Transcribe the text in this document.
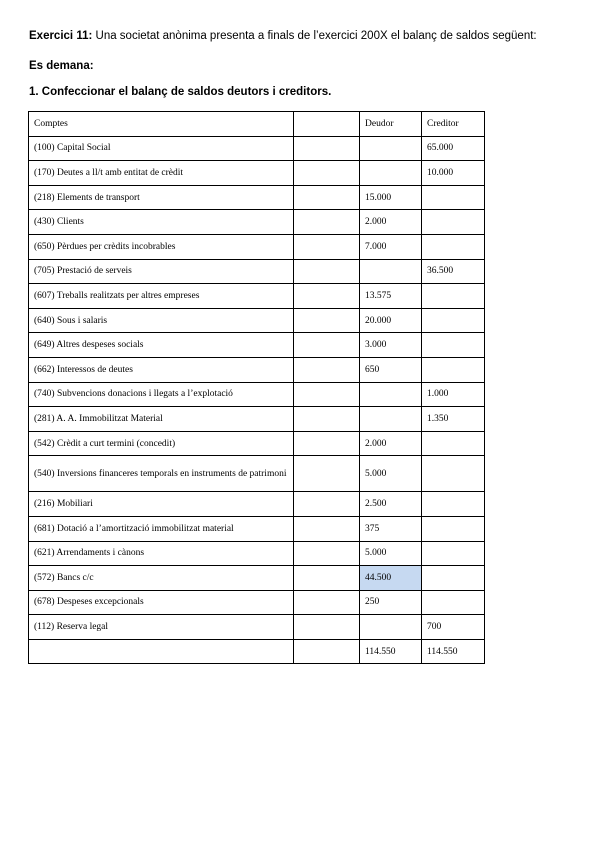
Exercici 11: Una societat anònima presenta a finals de l’exercici 200X el balanç de saldos següent:
Es demana:
1. Confeccionar el balanç de saldos deutors i creditors.
Comptes		Deudor	Creditor
(100) Capital Social			65.000
(170) Deutes a ll/t amb entitat de crèdit			10.000
(218) Elements de transport		15.000	
(430) Clients		2.000	
(650) Pèrdues per crèdits incobrables		7.000	
(705) Prestació de serveis			36.500
(607) Treballs realitzats per altres empreses		13.575	
(640) Sous i salaris		20.000	
(649) Altres despeses socials		3.000	
(662) Interessos de deutes		650	
(740) Subvencions donacions i llegats a l’explotació			1.000
(281) A. A. Immobilitzat Material			1.350
(542) Crèdit a curt termini (concedit)		2.000	
(540) Inversions financeres temporals en instruments de patrimoni		5.000	
(216) Mobiliari		2.500	
(681) Dotació a l’amortització immobilitzat material		375	
(621) Arrendaments i cànons		5.000	
(572) Bancs c/c		44.500	
(678) Despeses excepcionals		250	
(112) Reserva legal			700
		114.550	114.550
